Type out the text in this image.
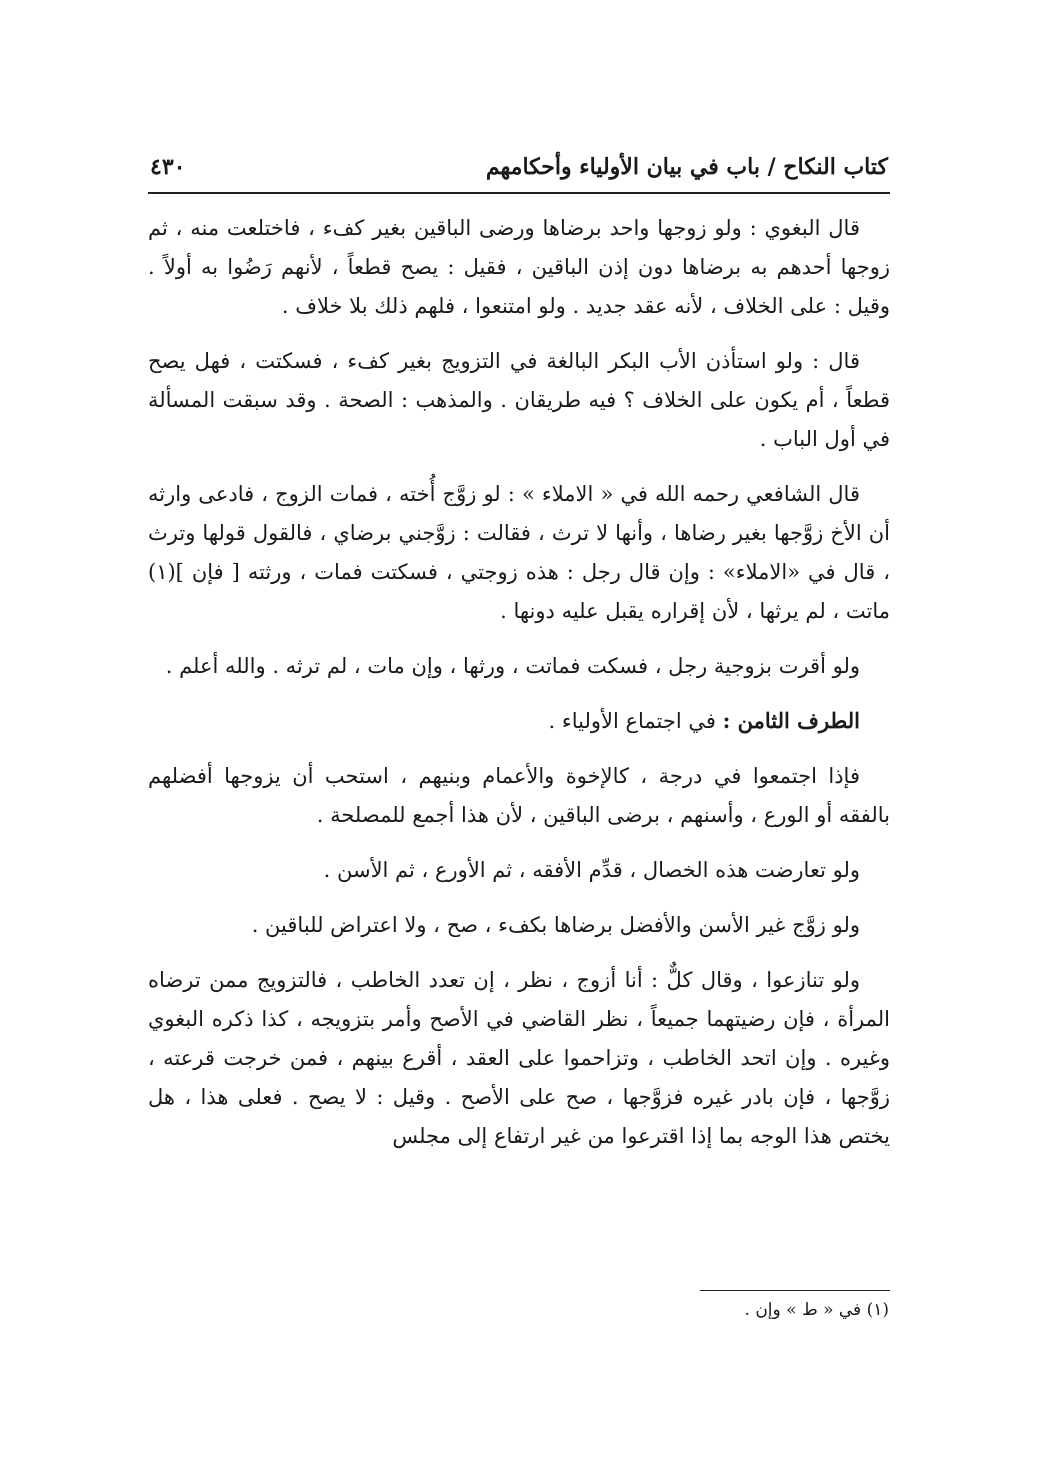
كتاب النكاح / باب في بيان الأولياء وأحكامهم
٤٣٠

قال البغوي : ولو زوجها واحد برضاها ورضى الباقين بغير كفء ، فاختلعت منه ، ثم زوجها أحدهم به برضاها دون إذن الباقين ، فقيل : يصح قطعاً ، لأنهم رَضُوا به أولاً . وقيل : على الخلاف ، لأنه عقد جديد . ولو امتنعوا ، فلهم ذلك بلا خلاف .

قال : ولو استأذن الأب البكر البالغة في التزويج بغير كفء ، فسكتت ، فهل يصح قطعاً ، أم يكون على الخلاف ؟ فيه طريقان . والمذهب : الصحة . وقد سبقت المسألة في أول الباب .

قال الشافعي رحمه الله في « الاملاء » : لو زوَّج أُخته ، فمات الزوج ، فادعى وارثه أن الأخ زوَّجها بغير رضاها ، وأنها لا ترث ، فقالت : زوَّجني برضاي ، فالقول قولها وترث ، قال في «الاملاء» : وإن قال رجل : هذه زوجتي ، فسكتت فمات ، ورثته [ فإن ](١) ماتت ، لم يرثها ، لأن إقراره يقبل عليه دونها .

ولو أقرت بزوجية رجل ، فسكت فماتت ، ورثها ، وإن مات ، لم ترثه . والله أعلم .

الطرف الثامن : في اجتماع الأولياء .

فإذا اجتمعوا في درجة ، كالإخوة والأعمام وبنيهم ، استحب أن يزوجها أفضلهم بالفقه أو الورع ، وأسنهم ، برضى الباقين ، لأن هذا أجمع للمصلحة .

ولو تعارضت هذه الخصال ، قدِّم الأفقه ، ثم الأورع ، ثم الأسن .

ولو زوَّج غير الأسن والأفضل برضاها بكفء ، صح ، ولا اعتراض للباقين .

ولو تنازعوا ، وقال كلٌّ : أنا أزوج ، نظر ، إن تعدد الخاطب ، فالتزويج ممن ترضاه المرأة ، فإن رضيتهما جميعاً ، نظر القاضي في الأصح وأمر بتزويجه ، كذا ذكره البغوي وغيره . وإن اتحد الخاطب ، وتزاحموا على العقد ، أقرع بينهم ، فمن خرجت قرعته ، زوَّجها ، فإن بادر غيره فزوَّجها ، صح على الأصح . وقيل : لا يصح . فعلى هذا ، هل يختص هذا الوجه بما إذا اقترعوا من غير ارتفاع إلى مجلس

(١) في « ط » وإن .
